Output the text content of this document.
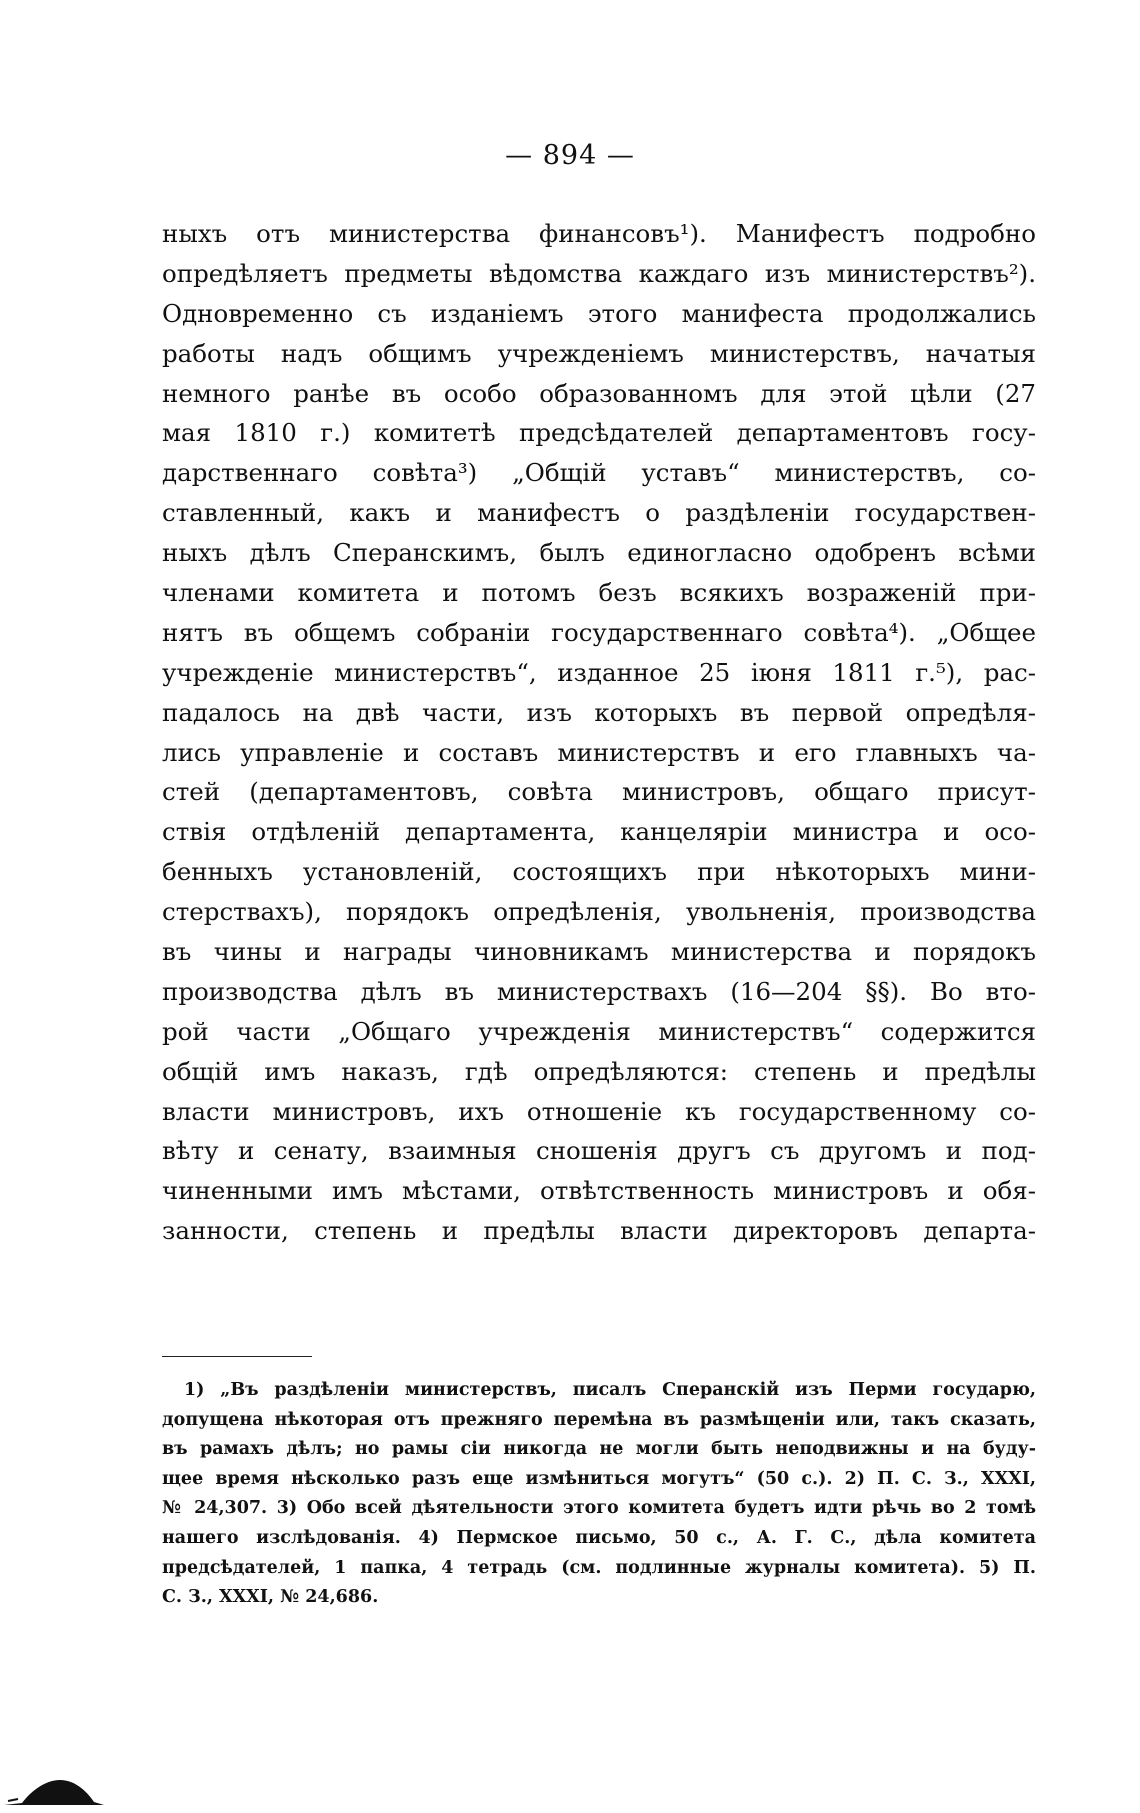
— 894 —
ныхъ отъ министерства финансовъ¹). Манифестъ подробно
опредѣляетъ предметы вѣдомства каждаго изъ министерствъ²).
Одновременно съ изданіемъ этого манифеста продолжались
работы надъ общимъ учрежденіемъ министерствъ, начатыя
немного ранѣе въ особо образованномъ для этой цѣли (27
мая 1810 г.) комитетѣ предсѣдателей департаментовъ госу-
дарственнаго совѣта³) „Общій уставъ“ министерствъ, со-
ставленный, какъ и манифестъ о раздѣленіи государствен-
ныхъ дѣлъ Сперанскимъ, былъ единогласно одобренъ всѣми
членами комитета и потомъ безъ всякихъ возраженій при-
нятъ въ общемъ собраніи государственнаго совѣта⁴). „Общее
учрежденіе министерствъ“, изданное 25 іюня 1811 г.⁵), рас-
падалось на двѣ части, изъ которыхъ въ первой опредѣля-
лись управленіе и составъ министерствъ и его главныхъ ча-
стей (департаментовъ, совѣта министровъ, общаго присут-
ствія отдѣленій департамента, канцеляріи министра и осо-
бенныхъ установленій, состоящихъ при нѣкоторыхъ мини-
стерствахъ), порядокъ опредѣленія, увольненія, производства
въ чины и награды чиновникамъ министерства и порядокъ
производства дѣлъ въ министерствахъ (16—204 §§). Во вто-
рой части „Общаго учрежденія министерствъ“ содержится
общій имъ наказъ, гдѣ опредѣляются: степень и предѣлы
власти министровъ, ихъ отношеніе къ государственному со-
вѣту и сенату, взаимныя сношенія другъ съ другомъ и под-
чиненными имъ мѣстами, отвѣтственность министровъ и обя-
занности, степень и предѣлы власти директоровъ департа-
1) „Въ раздѣленіи министерствъ, писалъ Сперанскій изъ Перми государю,
допущена нѣкоторая отъ прежняго перемѣна въ размѣщеніи или, такъ сказать,
въ рамахъ дѣлъ; но рамы сіи никогда не могли быть неподвижны и на буду-
щее время нѣсколько разъ еще измѣниться могутъ“ (50 с.). 2) П. С. З., XXXI,
№ 24,307. 3) Обо всей дѣятельности этого комитета будетъ идти рѣчь во 2 томѣ
нашего изслѣдованія. 4) Пермское письмо, 50 с., А. Г. С., дѣла комитета
предсѣдателей, 1 папка, 4 тетрадь (см. подлинные журналы комитета). 5) П.
С. З., XXXI, № 24,686.
